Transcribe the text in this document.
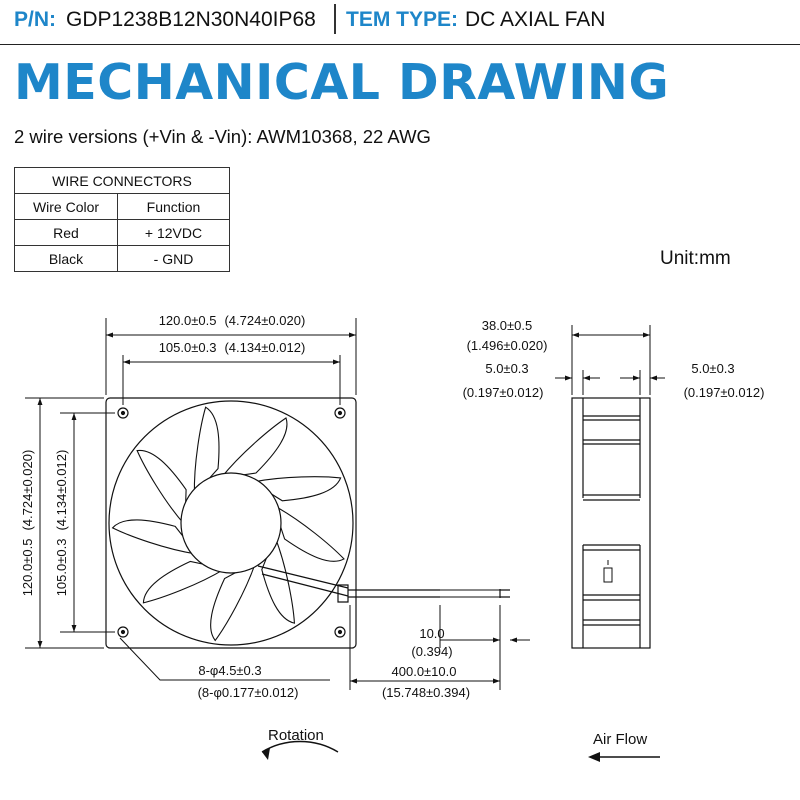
P/N: GDP1238B12N30N40IP68 TEM TYPE: DC AXIAL FAN
MECHANICAL DRAWING
2 wire versions (+Vin & -Vin): AWM10368, 22 AWG
WIRE CONNECTORS	
Wire Color	Function
Red	+ 12VDC
Black	- GND	Unit:mm
120.0±0.5 (4.724±0.020)
105.0±0.3 (4.134±0.012)
120.0±0.5(4.724±0.020)
105.0±0.3(4.134±0.012)
8-φ4.5±0.3
(8-φ0.177±0.012)
10.0
(0.394)
400.0±10.0
(15.748±0.394)
38.0±0.5
(1.496±0.020)
5.0±0.3
(0.197±0.012)
5.0±0.3
(0.197±0.012)
Rotation	Air Flow
